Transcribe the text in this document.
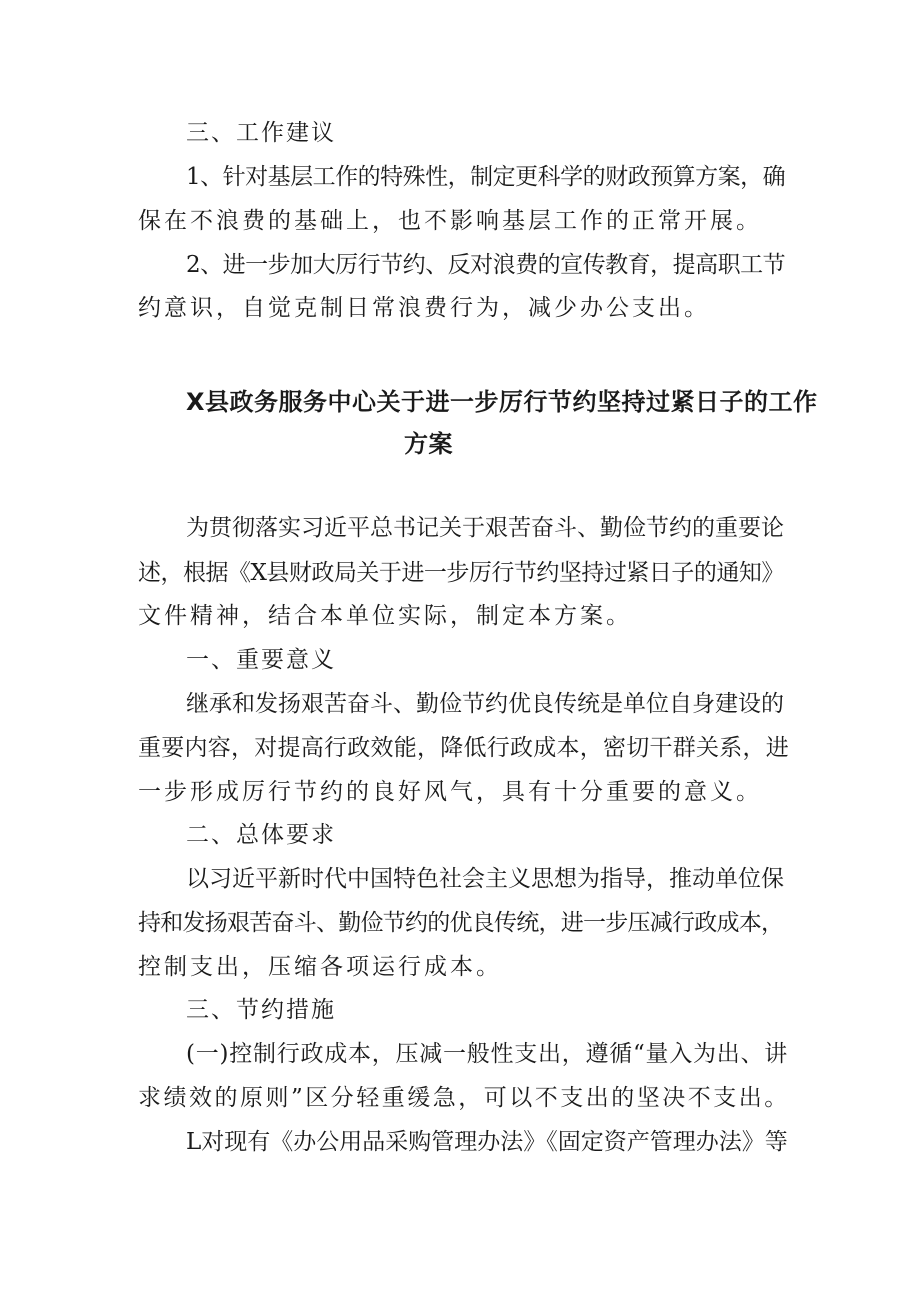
三、工作建议
1、针对基层工作的特殊性，制定更科学的财政预算方案，确
保在不浪费的基础上，也不影响基层工作的正常开展。
2、进一步加大厉行节约、反对浪费的宣传教育，提高职工节
约意识，自觉克制日常浪费行为，减少办公支出。
X县政务服务中心关于进一步厉行节约坚持过紧日子的工作
方案
为贯彻落实习近平总书记关于艰苦奋斗、勤俭节约的重要论
述，根据《X县财政局关于进一步厉行节约坚持过紧日子的通知》
文件精神，结合本单位实际，制定本方案。
一、重要意义
继承和发扬艰苦奋斗、勤俭节约优良传统是单位自身建设的
重要内容，对提高行政效能，降低行政成本，密切干群关系，进
一步形成厉行节约的良好风气，具有十分重要的意义。
二、总体要求
以习近平新时代中国特色社会主义思想为指导，推动单位保
持和发扬艰苦奋斗、勤俭节约的优良传统，进一步压减行政成本，
控制支出，压缩各项运行成本。
三、节约措施
(一)控制行政成本，压减一般性支出，遵循“量入为出、讲
求绩效的原则”区分轻重缓急，可以不支出的坚决不支出。
L对现有《办公用品采购管理办法》《固定资产管理办法》等
